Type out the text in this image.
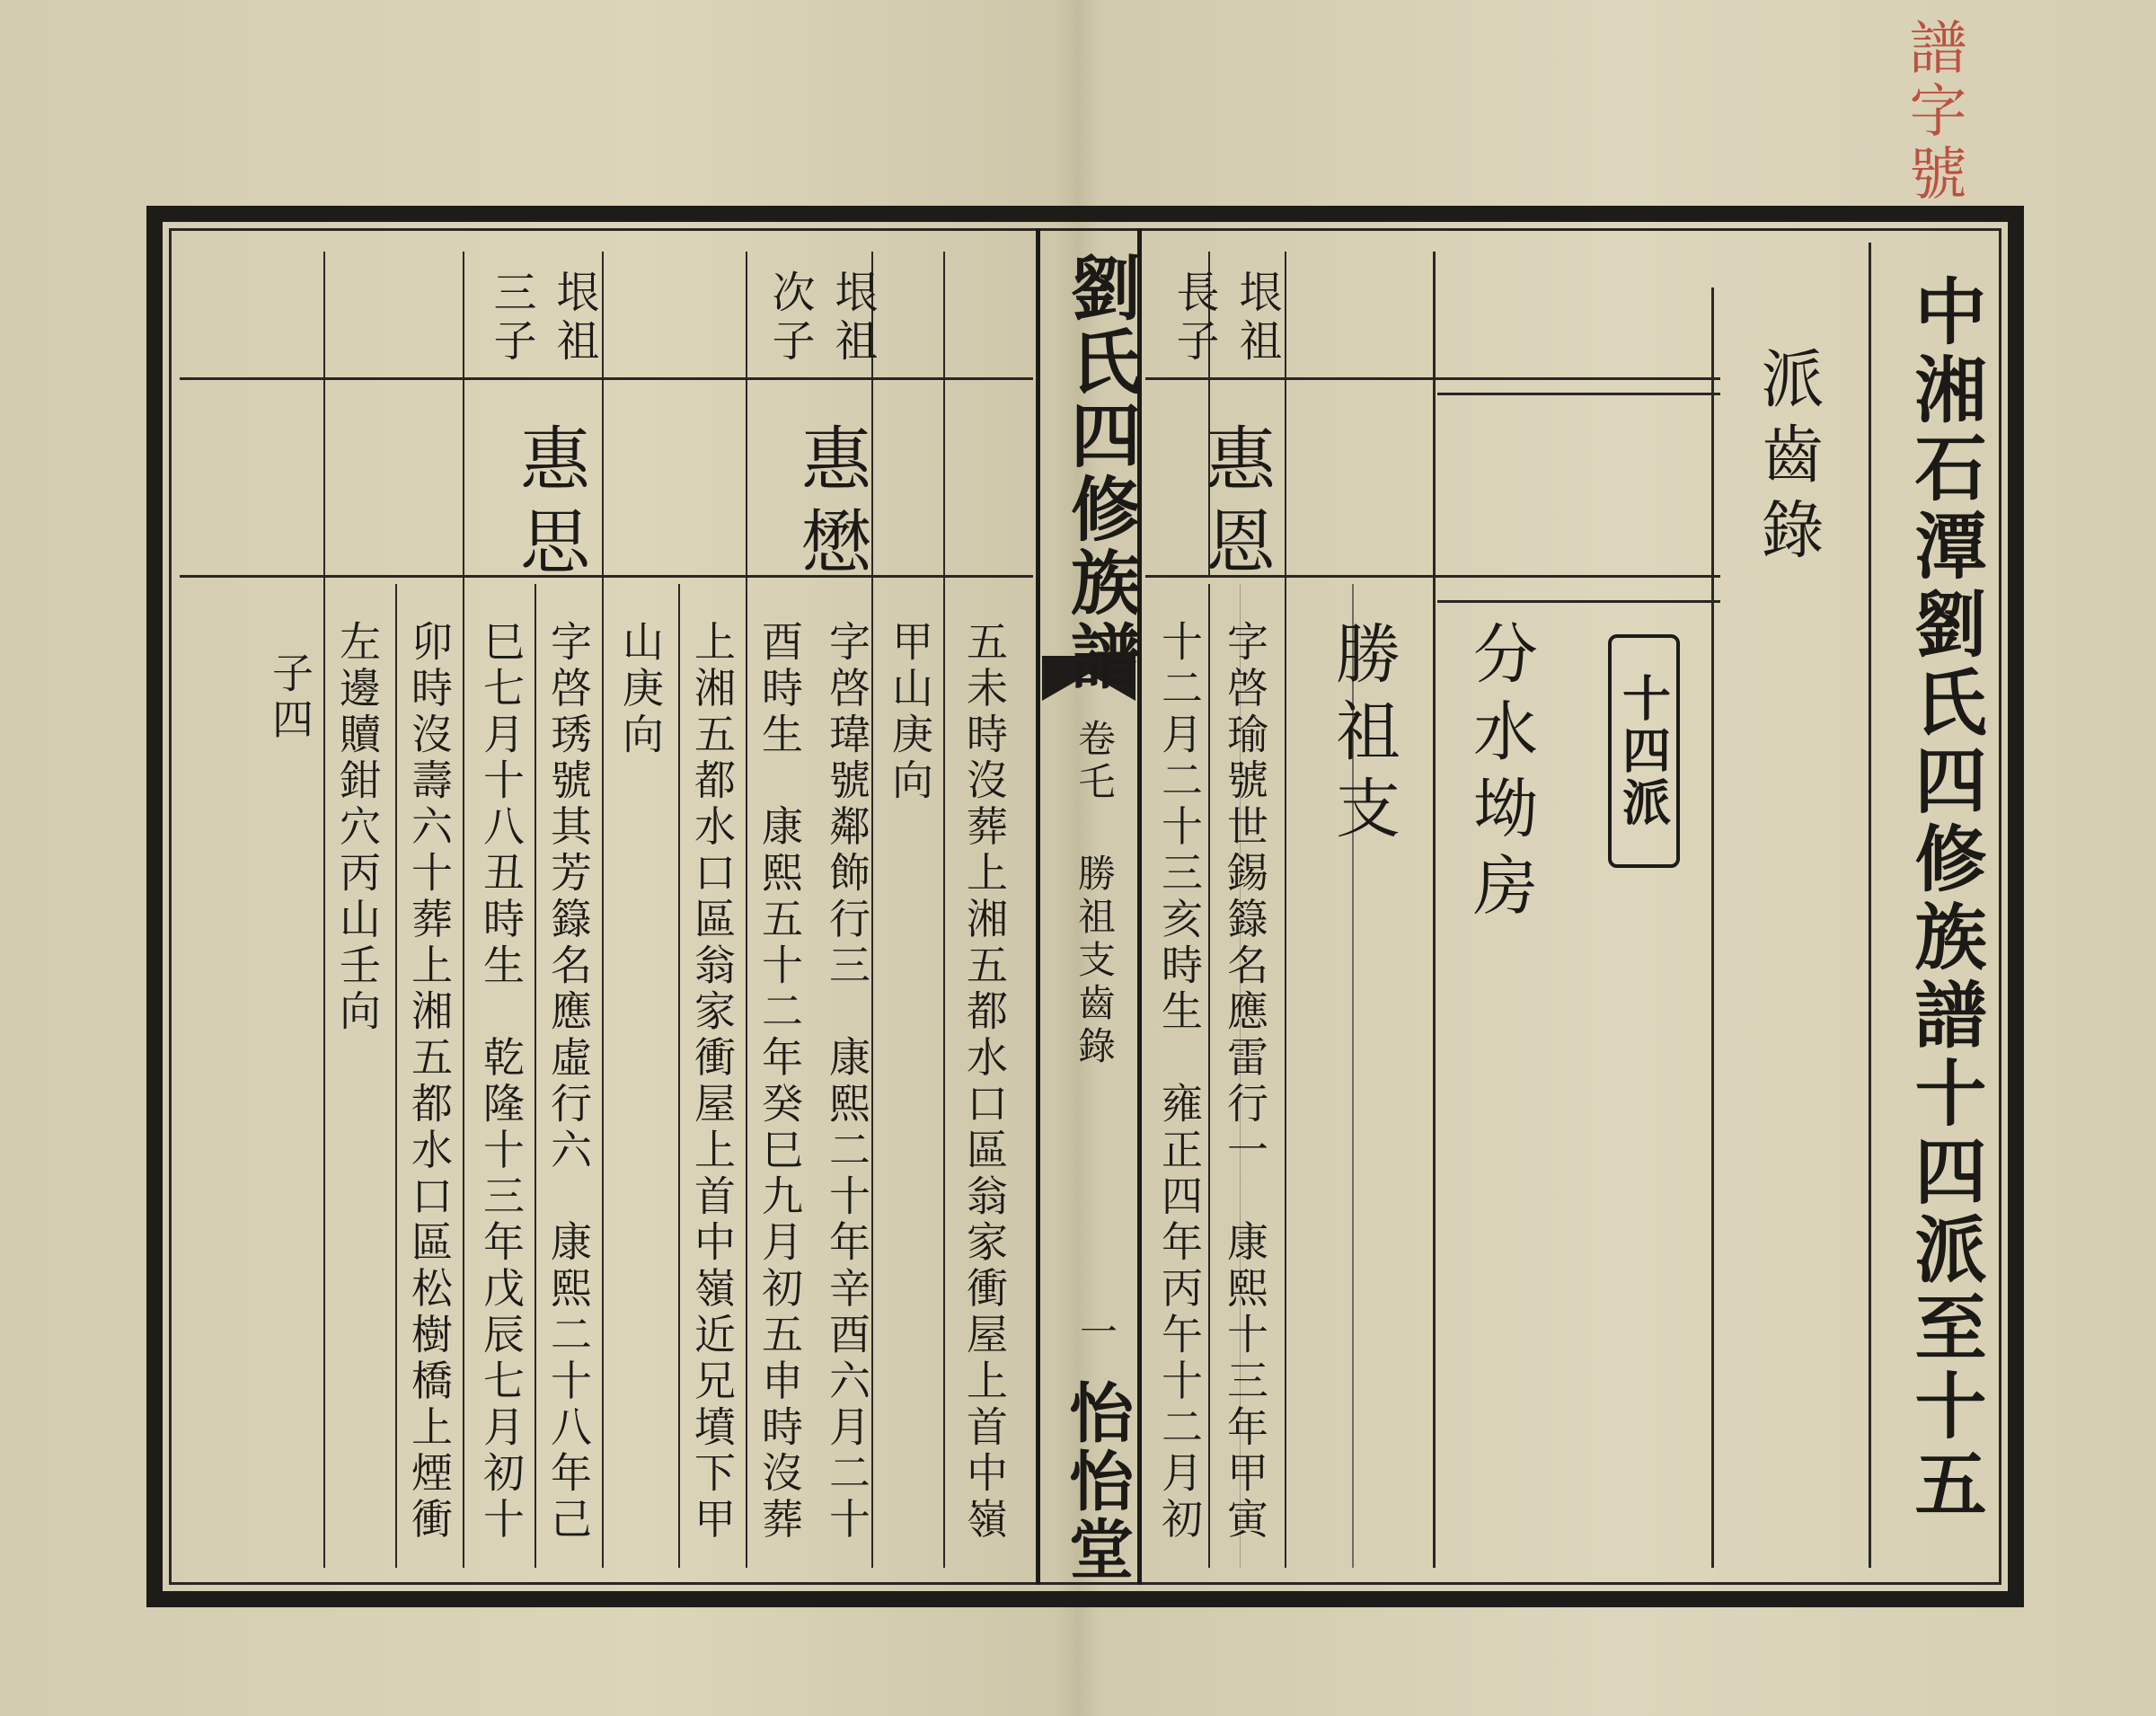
譜
字
號
劉氏四修族譜
卷乇
勝祖支齒錄
一
怡怡堂	中湘石潭劉氏四修族譜十四派至十五
派齒錄
十四派
分水坳房
勝祖支
垠祖
長子
惠恩
字啓瑜號世錫籙名應雷行一　康熙十三年甲寅
十二月二十三亥時生　雍正四年丙午十二月初
五未時沒葬上湘五都水口區翁家衝屋上首中嶺
垠祖
次子
惠懋
甲山庚向
字啓瑋號鄰飾行三　康熙二十年辛酉六月二十
酉時生　康熙五十二年癸巳九月初五申時沒葬
上湘五都水口區翁家衝屋上首中嶺近兄墳下甲
山庚向
垠祖
三子
惠思
字啓琇號其芳籙名應虛行六　康熙二十八年己
巳七月十八丑時生　乾隆十三年戊辰七月初十
卯時沒壽六十葬上湘五都水口區松樹橋上煙衝
左邊贖鉗穴丙山壬向
子四
